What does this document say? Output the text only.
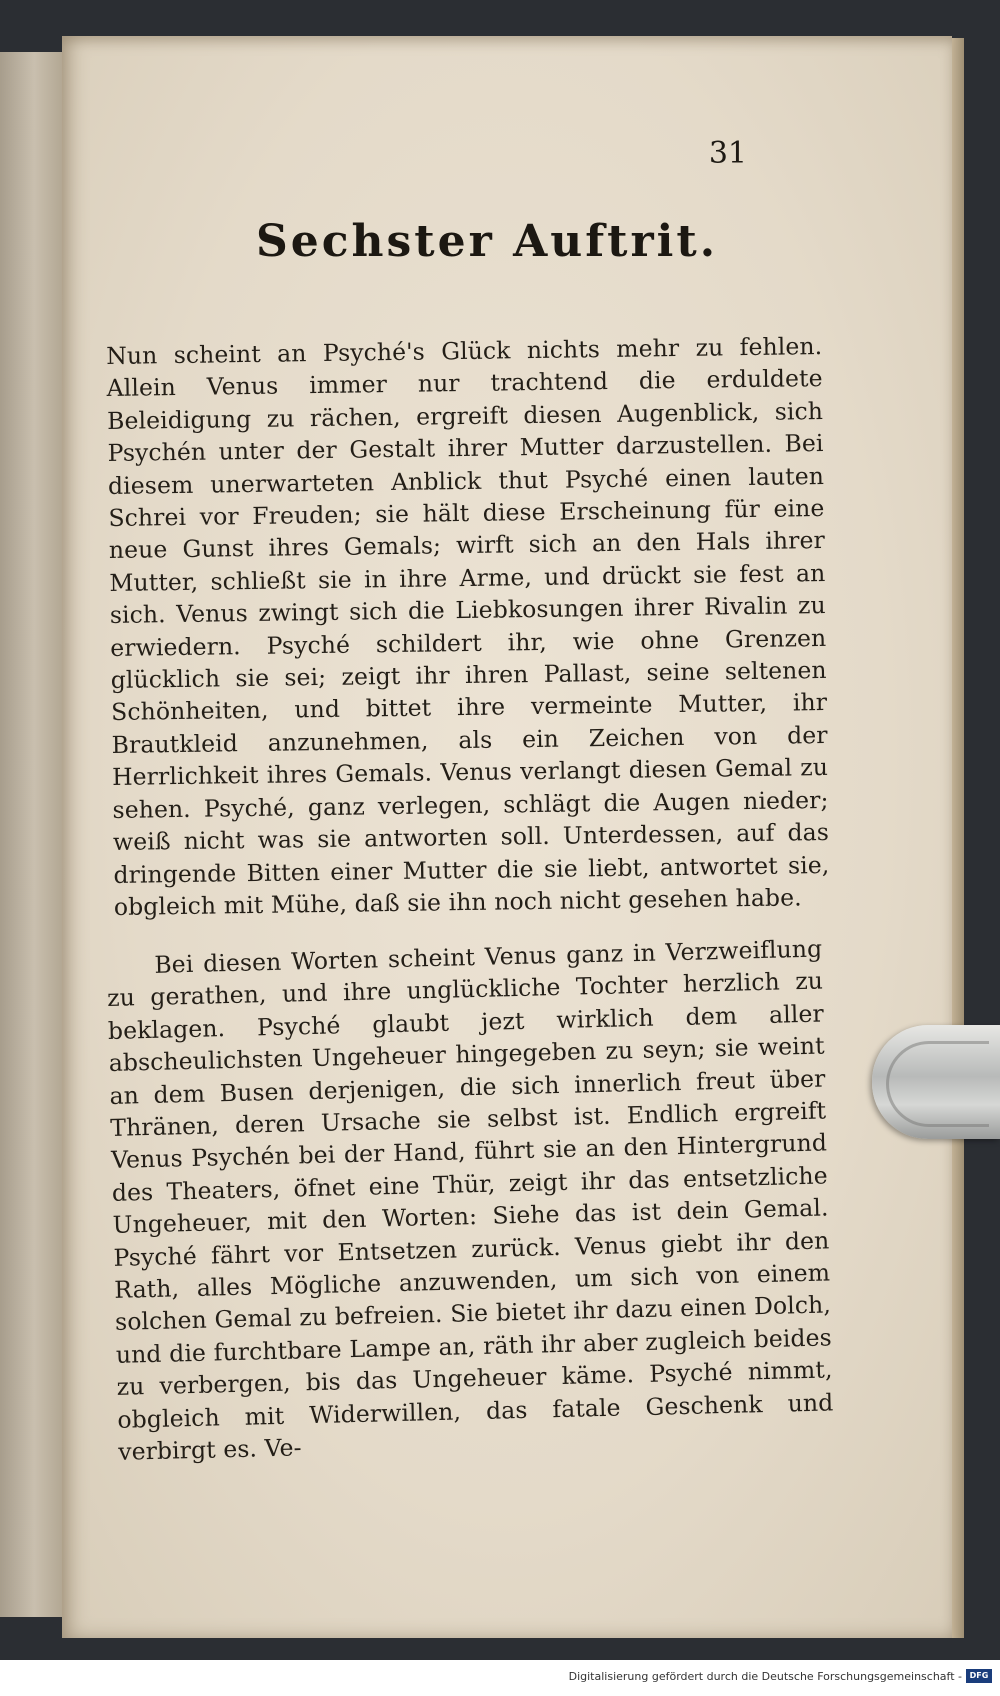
31
Sechster Auftrit.

Nun scheint an Psyché's Glück nichts mehr zu fehlen. Allein Venus immer nur trachtend die erduldete Beleidigung zu rächen, ergreift diesen Augenblick, sich Psychén unter der Gestalt ihrer Mutter darzustellen. Bei diesem unerwarteten Anblick thut Psyché einen lauten Schrei vor Freuden; sie hält diese Erscheinung für eine neue Gunst ihres Gemals; wirft sich an den Hals ihrer Mutter, schließt sie in ihre Arme, und drückt sie fest an sich. Venus zwingt sich die Liebkosungen ihrer Rivalin zu erwiedern. Psyché schildert ihr, wie ohne Grenzen glücklich sie sei; zeigt ihr ihren Pallast, seine seltenen Schönheiten, und bittet ihre vermeinte Mutter, ihr Brautkleid anzunehmen, als ein Zeichen von der Herrlichkeit ihres Gemals. Venus verlangt diesen Gemal zu sehen. Psyché, ganz verlegen, schlägt die Augen nieder; weiß nicht was sie antworten soll. Unterdessen, auf das dringende Bitten einer Mutter die sie liebt, antwortet sie, obgleich mit Mühe, daß sie ihn noch nicht gesehen habe.

Bei diesen Worten scheint Venus ganz in Verzweiflung zu gerathen, und ihre unglückliche Tochter herzlich zu beklagen. Psyché glaubt jezt wirklich dem aller abscheulichsten Ungeheuer hingegeben zu seyn; sie weint an dem Busen derjenigen, die sich innerlich freut über Thränen, deren Ursache sie selbst ist. Endlich ergreift Venus Psychén bei der Hand, führt sie an den Hintergrund des Theaters, öfnet eine Thür, zeigt ihr das entsetzliche Ungeheuer, mit den Worten: Siehe das ist dein Gemal. Psyché fährt vor Entsetzen zurück. Venus giebt ihr den Rath, alles Mögliche anzuwenden, um sich von einem solchen Gemal zu befreien. Sie bietet ihr dazu einen Dolch, und die furchtbare Lampe an, räth ihr aber zugleich beides zu verbergen, bis das Ungeheuer käme. Psyché nimmt, obgleich mit Widerwillen, das fatale Geschenk und verbirgt es. Ve-

Digitalisierung gefördert durch die Deutsche Forschungsgemeinschaft - DFG
